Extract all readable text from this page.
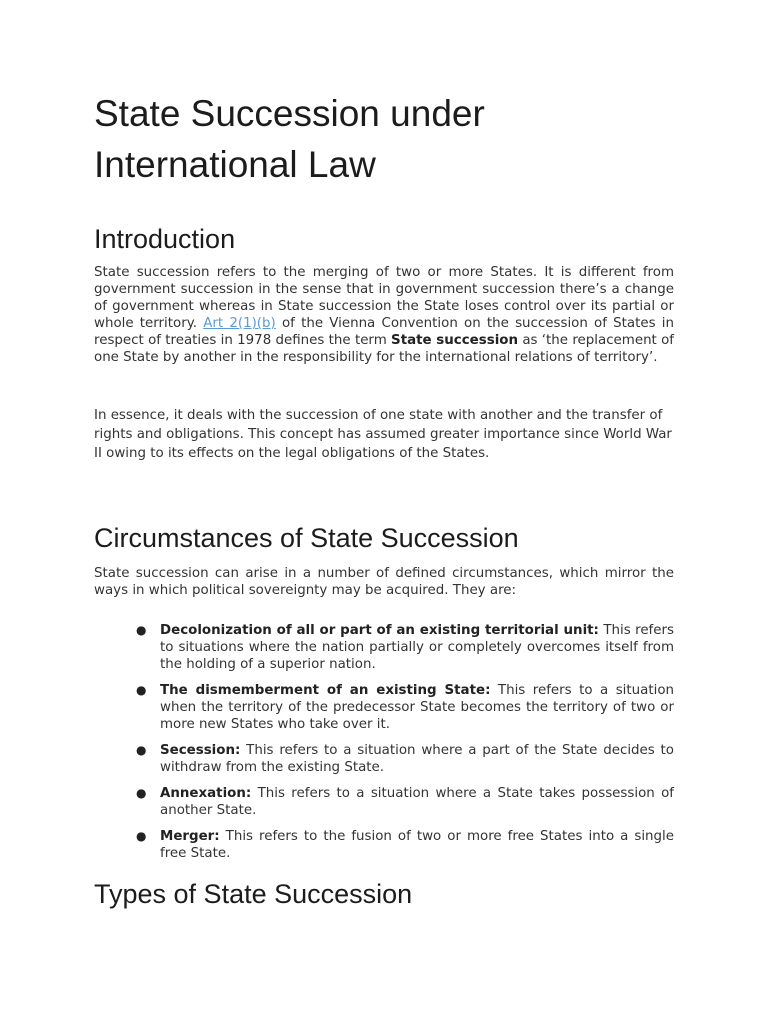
State Succession under International Law
Introduction

State succession refers to the merging of two or more States. It is different from government succession in the sense that in government succession there’s a change of government whereas in State succession the State loses control over its partial or whole territory. Art 2(1)(b) of the Vienna Convention on the succession of States in respect of treaties in 1978 defines the term State succession as ‘the replacement of one State by another in the responsibility for the international relations of territory’.

In essence, it deals with the succession of one state with another and the transfer of rights and obligations. This concept has assumed greater importance since World War II owing to its effects on the legal obligations of the States.

Circumstances of State Succession

State succession can arise in a number of defined circumstances, which mirror the ways in which political sovereignty may be acquired. They are:

● Decolonization of all or part of an existing territorial unit: This refers to situations where the nation partially or completely overcomes itself from the holding of a superior nation.
● The dismemberment of an existing State: This refers to a situation when the territory of the predecessor State becomes the territory of two or more new States who take over it.
● Secession: This refers to a situation where a part of the State decides to withdraw from the existing State.
● Annexation: This refers to a situation where a State takes possession of another State.
● Merger: This refers to the fusion of two or more free States into a single free State.
Types of State Succession
